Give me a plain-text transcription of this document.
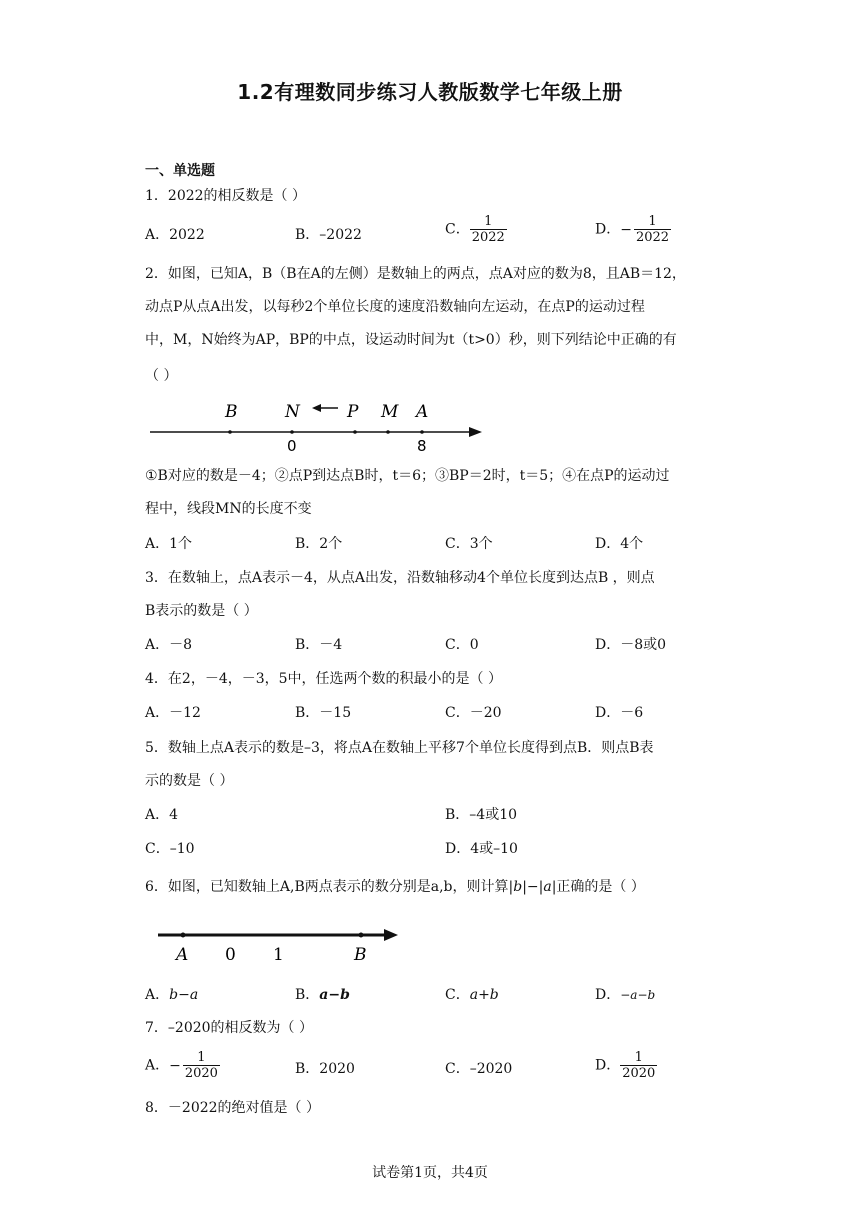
1.2有理数同步练习人教版数学七年级上册
一、单选题
1．2022的相反数是（ ）
A．2022	B．–2022	C． $\frac{1}{2022}$	D．− $\frac{1}{2022}$
2．如图，已知A，B（B在A的左侧）是数轴上的两点，点A对应的数为8，且AB＝12，
动点P从点A出发，以每秒2个单位长度的速度沿数轴向左运动，在点P的运动过程
中，M，N始终为AP，BP的中点，设运动时间为t（t>0）秒，则下列结论中正确的有
（ ）
B	N	P M A
0	8
①B对应的数是－4；②点P到达点B时，t＝6；③BP＝2时，t＝5；④在点P的运动过
程中，线段MN的长度不变
A．1个	B．2个	C．3个	D．4个
3．在数轴上，点A表示－4，从点A出发，沿数轴移动4个单位长度到达点B ，则点
B表示的数是（ ）
A．－8	B．－4	C．0	D．－8或0
4．在2，－4，－3，5中，任选两个数的积最小的是（ ）
A．－12	B．－15	C．－20	D．－6
5．数轴上点A表示的数是–3，将点A在数轴上平移7个单位长度得到点B．则点B表
示的数是（ ）
A．4	B．–4或10
C．–10	D．4或–10
6．如图，已知数轴上A,B两点表示的数分别是a,b，则计算|b|−|a|正确的是（ ）
A 0 1	B
A．b−a	B．a−b	C．a+b	D．−a−b
7．–2020的相反数为（ ）
A．− $\frac{1}{2020}$	B．2020	C．–2020	D． $\frac{1}{2020}$
8．－2022的绝对值是（ ）
试卷第1页，共4页
